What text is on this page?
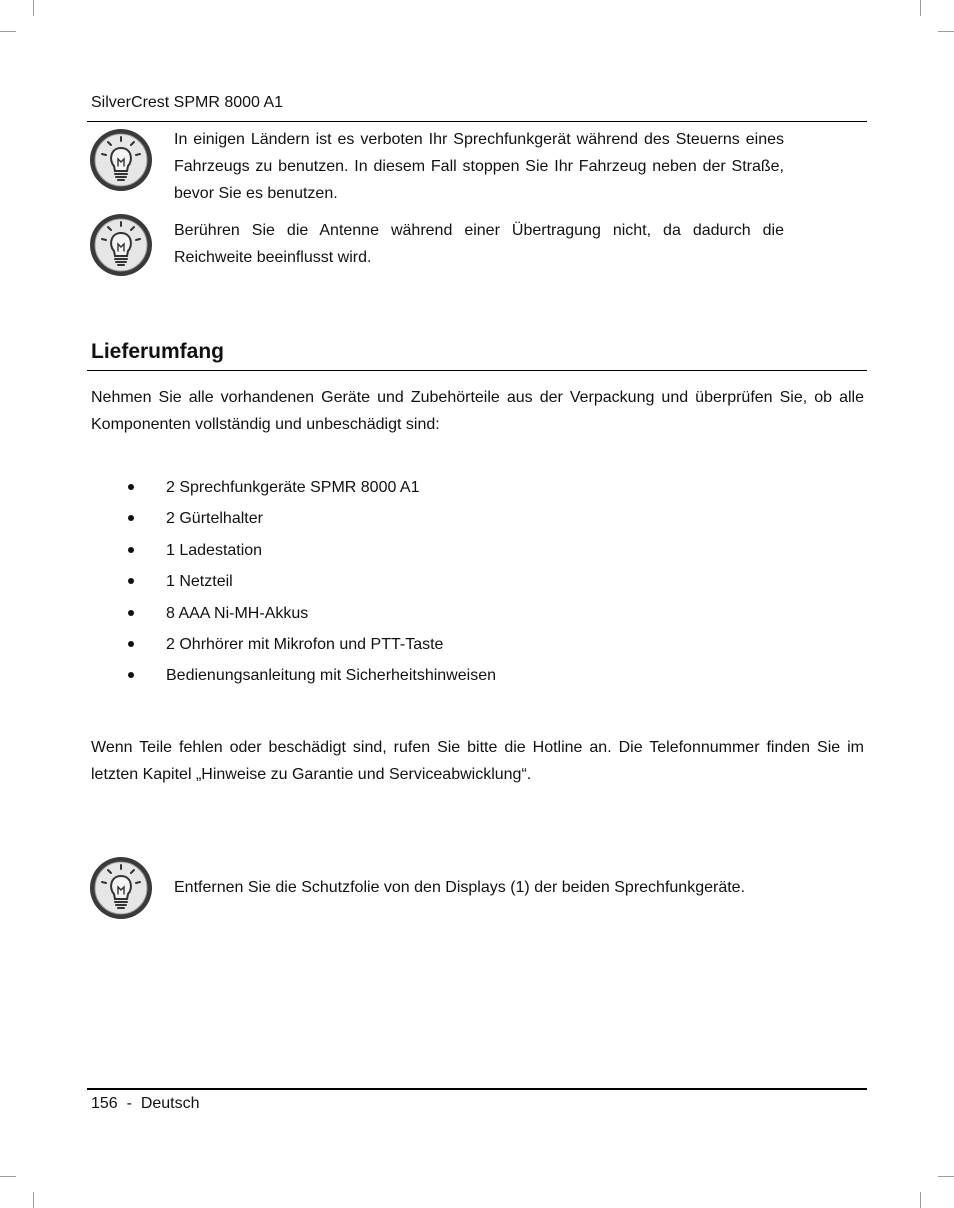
SilverCrest SPMR 8000 A1
In einigen Ländern ist es verboten Ihr Sprechfunkgerät während des Steuerns eines Fahrzeugs zu benutzen. In diesem Fall stoppen Sie Ihr Fahrzeug neben der Straße, bevor Sie es benutzen.
Berühren Sie die Antenne während einer Übertragung nicht, da dadurch die Reichweite beeinflusst wird.
Lieferumfang
Nehmen Sie alle vorhandenen Geräte und Zubehörteile aus der Verpackung und überprüfen Sie, ob alle Komponenten vollständig und unbeschädigt sind:
2 Sprechfunkgeräte SPMR 8000 A1
2 Gürtelhalter
1 Ladestation
1 Netzteil
8 AAA Ni-MH-Akkus
2 Ohrhörer mit Mikrofon und PTT-Taste
Bedienungsanleitung mit Sicherheitshinweisen
Wenn Teile fehlen oder beschädigt sind, rufen Sie bitte die Hotline an. Die Telefonnummer finden Sie im letzten Kapitel „Hinweise zu Garantie und Serviceabwicklung“.
Entfernen Sie die Schutzfolie von den Displays (1) der beiden Sprechfunkgeräte.
156 - Deutsch
